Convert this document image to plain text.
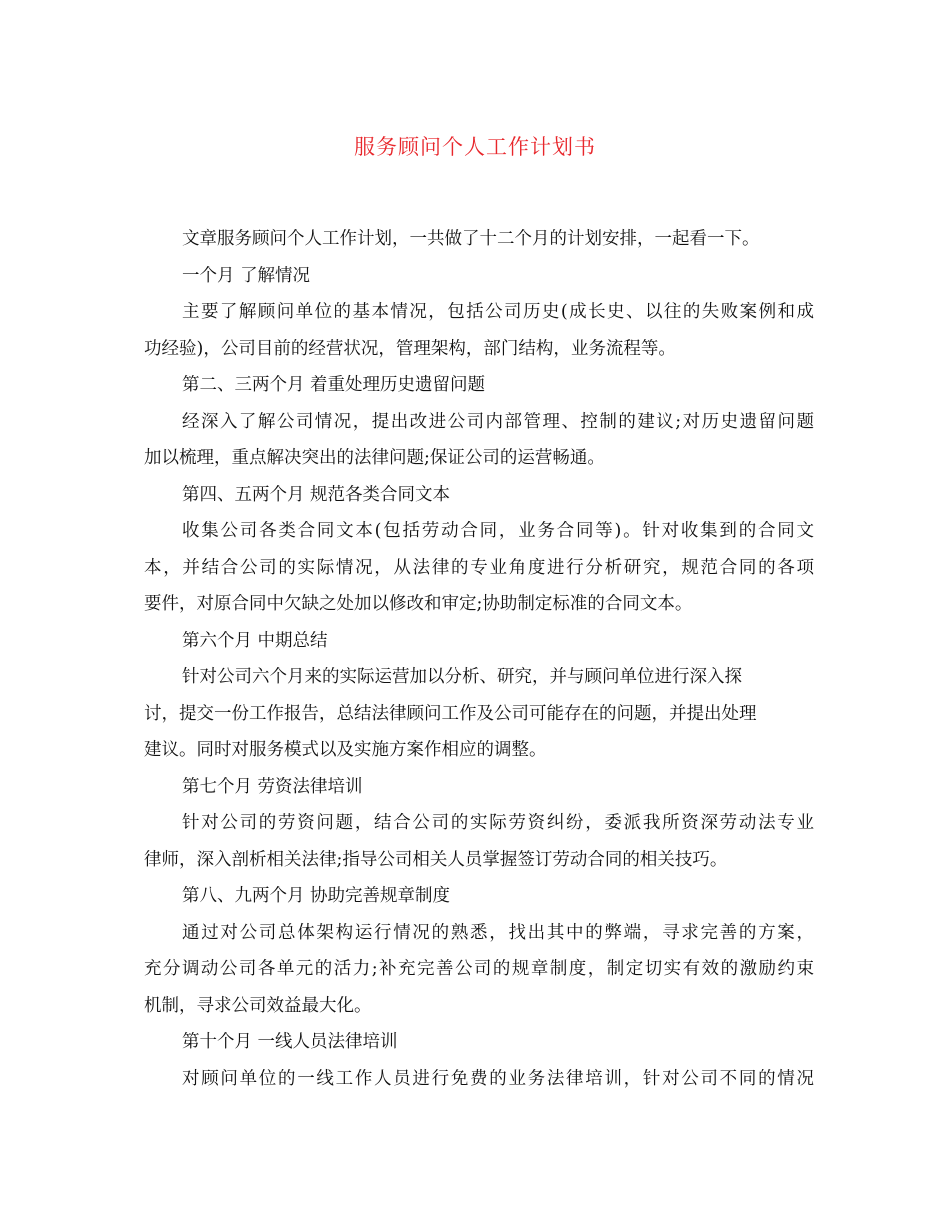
服务顾问个人工作计划书
文章服务顾问个人工作计划，一共做了十二个月的计划安排，一起看一下。
一个月 了解情况
主要了解顾问单位的基本情况，包括公司历史(成长史、以往的失败案例和成
功经验)，公司目前的经营状况，管理架构，部门结构，业务流程等。
第二、三两个月 着重处理历史遗留问题
经深入了解公司情况，提出改进公司内部管理、控制的建议;对历史遗留问题
加以梳理，重点解决突出的法律问题;保证公司的运营畅通。
第四、五两个月 规范各类合同文本
收集公司各类合同文本(包括劳动合同，业务合同等)。针对收集到的合同文
本，并结合公司的实际情况，从法律的专业角度进行分析研究，规范合同的各项
要件，对原合同中欠缺之处加以修改和审定;协助制定标准的合同文本。
第六个月 中期总结
针对公司六个月来的实际运营加以分析、研究，并与顾问单位进行深入探
讨，提交一份工作报告，总结法律顾问工作及公司可能存在的问题，并提出处理
建议。同时对服务模式以及实施方案作相应的调整。
第七个月 劳资法律培训
针对公司的劳资问题，结合公司的实际劳资纠纷，委派我所资深劳动法专业
律师，深入剖析相关法律;指导公司相关人员掌握签订劳动合同的相关技巧。
第八、九两个月 协助完善规章制度
通过对公司总体架构运行情况的熟悉，找出其中的弊端，寻求完善的方案，
充分调动公司各单元的活力;补充完善公司的规章制度，制定切实有效的激励约束
机制，寻求公司效益最大化。
第十个月 一线人员法律培训
对顾问单位的一线工作人员进行免费的业务法律培训，针对公司不同的情况
